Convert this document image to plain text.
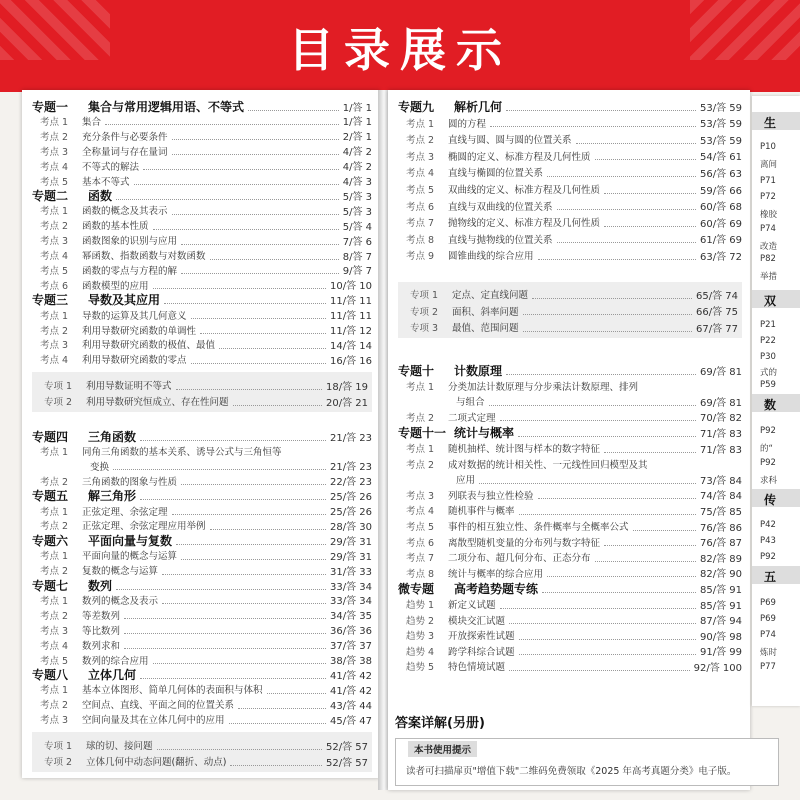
目录展示
专题一	集合与常用逻辑用语、不等式	1/答 1
考点 1	集合	1/答 1
考点 2	充分条件与必要条件	2/答 1
考点 3	全称量词与存在量词	4/答 2
考点 4	不等式的解法	4/答 2
考点 5	基本不等式	4/答 3
专题二	函数	5/答 3
考点 1	函数的概念及其表示	5/答 3
考点 2	函数的基本性质	5/答 4
考点 3	函数图象的识别与应用	7/答 6
考点 4	幂函数、指数函数与对数函数	8/答 7
考点 5	函数的零点与方程的解	9/答 7
考点 6	函数模型的应用	10/答 10
专题三	导数及其应用	11/答 11
考点 1	导数的运算及其几何意义	11/答 11
考点 2	利用导数研究函数的单调性	11/答 12
考点 3	利用导数研究函数的极值、最值	14/答 14
考点 4	利用导数研究函数的零点	16/答 16
专项 1	利用导数证明不等式	18/答 19
专项 2	利用导数研究恒成立、存在性问题	20/答 21
专题四	三角函数	21/答 23
考点 1	同角三角函数的基本关系、诱导公式与三角恒等
变换	21/答 23
考点 2	三角函数的图象与性质	22/答 23
专题五	解三角形	25/答 26
考点 1	正弦定理、余弦定理	25/答 26
考点 2	正弦定理、余弦定理应用举例	28/答 30
专题六	平面向量与复数	29/答 31
考点 1	平面向量的概念与运算	29/答 31
考点 2	复数的概念与运算	31/答 33
专题七	数列	33/答 34
考点 1	数列的概念及表示	33/答 34
考点 2	等差数列	34/答 35
考点 3	等比数列	36/答 36
考点 4	数列求和	37/答 37
考点 5	数列的综合应用	38/答 38
专题八	立体几何	41/答 42
考点 1	基本立体图形、简单几何体的表面积与体积	41/答 42
考点 2	空间点、直线、平面之间的位置关系	43/答 44
考点 3	空间向量及其在立体几何中的应用	45/答 47
专项 1	球的切、接问题	52/答 57
专项 2	立体几何中动态问题(翻折、动点)	52/答 57
专题九	解析几何	53/答 59
考点 1	圆的方程	53/答 59
考点 2	直线与圆、圆与圆的位置关系	53/答 59
考点 3	椭圆的定义、标准方程及几何性质	54/答 61
考点 4	直线与椭圆的位置关系	56/答 63
考点 5	双曲线的定义、标准方程及几何性质	59/答 66
考点 6	直线与双曲线的位置关系	60/答 68
考点 7	抛物线的定义、标准方程及几何性质	60/答 69
考点 8	直线与抛物线的位置关系	61/答 69
考点 9	圆锥曲线的综合应用	63/答 72
专项 1	定点、定直线问题	65/答 74
专项 2	面积、斜率问题	66/答 75
专项 3	最值、范围问题	67/答 77
专题十	计数原理	69/答 81
考点 1	分类加法计数原理与分步乘法计数原理、排列
与组合	69/答 81
考点 2	二项式定理	70/答 82
专题十一 统计与概率	71/答 83
考点 1	随机抽样、统计图与样本的数字特征	71/答 83
考点 2	成对数据的统计相关性、一元线性回归模型及其
应用	73/答 84
考点 3	列联表与独立性检验	74/答 84
考点 4	随机事件与概率	75/答 85
考点 5	事件的相互独立性、条件概率与全概率公式	76/答 86
考点 6	离散型随机变量的分布列与数字特征	76/答 87
考点 7	二项分布、超几何分布、正态分布	82/答 89
考点 8	统计与概率的综合应用	82/答 90
微专题	高考趋势题专练	85/答 91
趋势 1	新定义试题	85/答 91
趋势 2	模块交汇试题	87/答 94
趋势 3	开放探索性试题	90/答 98
趋势 4	跨学科综合试题	91/答 99
趋势 5	特色情境试题	92/答 100
生
双
数
传
五
P10
离间
P71
P72
橡胶
P74
改造
P82
举措
P21
P22
P30
式的
P59
P92
的“
P92
求科
P42
P43
P92
P69
P69
P74
炼时
P77
答案详解(另册)
本书使用提示
读者可扫描扉页"增值下载"二维码免费领取《2025 年高考真题分类》电子版。
